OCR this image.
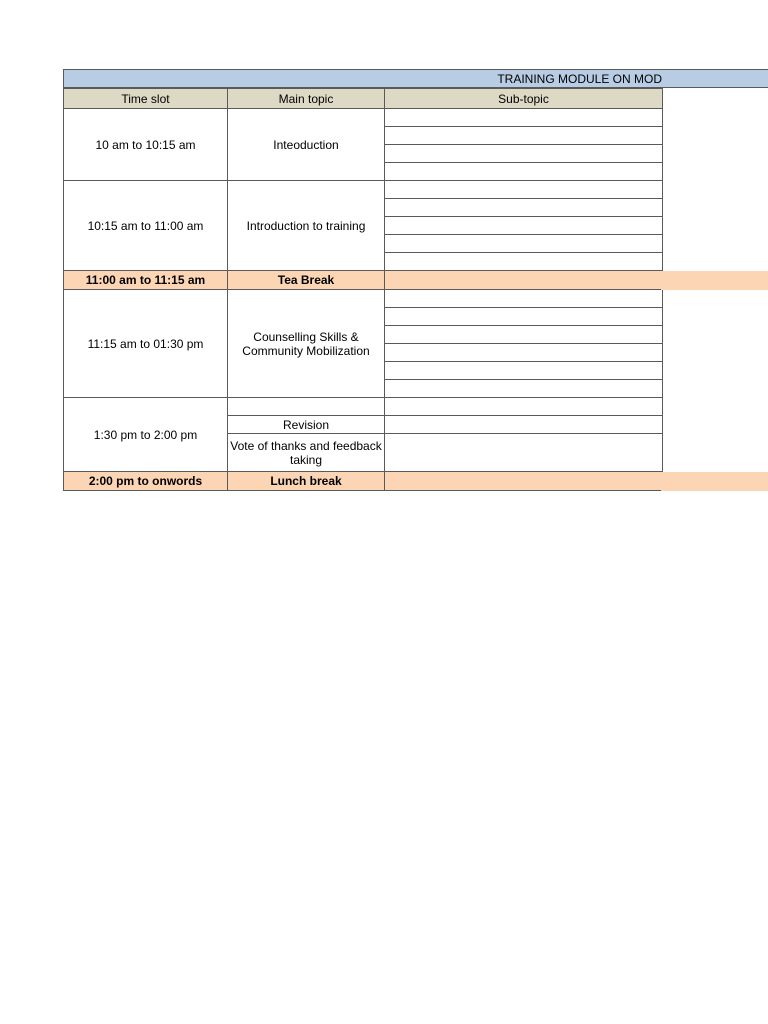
TRAINING MODULE ON MOD
Time slot	Main topic	Sub-topic
10 am to 10:15 am	Inteoduction	

10:15 am to 11:00 am	Introduction to training	

11:00 am to 11:15 am	Tea Break	
11:15 am to 01:30 pm	Counselling Skills & Community Mobilization	

1:30 pm to 2:00 pm		
	Revision	
	Vote of thanks and feedback taking	
2:00 pm to onwords	Lunch break	
